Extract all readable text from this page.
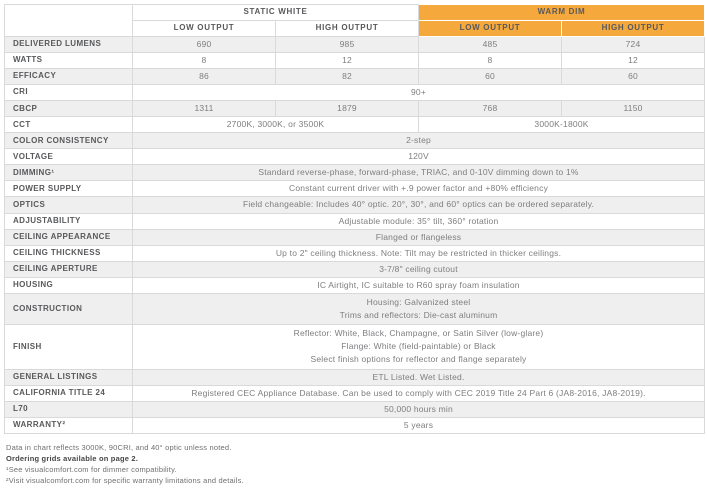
	STATIC WHITE		WARM DIM	
	LOW OUTPUT	HIGH OUTPUT	LOW OUTPUT	HIGH OUTPUT
DELIVERED LUMENS	690	985	485	724
WATTS	8	12	8	12
EFFICACY	86	82	60	60
CRI	90+			
CBCP	1311	1879	768	1150
CCT	2700K, 3000K, or 3500K		3000K-1800K	
COLOR CONSISTENCY	2-step			
VOLTAGE	120V			
DIMMING¹	Standard reverse-phase, forward-phase, TRIAC, and 0-10V dimming down to 1%			
POWER SUPPLY	Constant current driver with +.9 power factor and +80% efficiency			
OPTICS	Field changeable: Includes 40° optic. 20°, 30°, and 60° optics can be ordered separately.			
ADJUSTABILITY	Adjustable module: 35° tilt, 360° rotation			
CEILING APPEARANCE	Flanged or flangeless			
CEILING THICKNESS	Up to 2" ceiling thickness. Note: Tilt may be restricted in thicker ceilings.			
CEILING APERTURE	3-7/8" ceiling cutout			
HOUSING	IC Airtight, IC suitable to R60 spray foam insulation			
CONSTRUCTION	Housing: Galvanized steel
Trims and reflectors: Die-cast aluminum			

FINISH	Reflector: White, Black, Champagne, or Satin Silver (low-glare)
Flange: White (field-paintable) or Black
Select finish options for reflector and flange separately			

GENERAL LISTINGS	ETL Listed. Wet Listed.			
CALIFORNIA TITLE 24	Registered CEC Appliance Database. Can be used to comply with CEC 2019 Title 24 Part 6 (JA8-2016, JA8-2019).			
L70	50,000 hours min			
WARRANTY²	5 years			
Data in chart reflects 3000K, 90CRI, and 40° optic unless noted.
Ordering grids available on page 2.
¹See visualcomfort.com for dimmer compatibility.
²Visit visualcomfort.com for specific warranty limitations and details.
